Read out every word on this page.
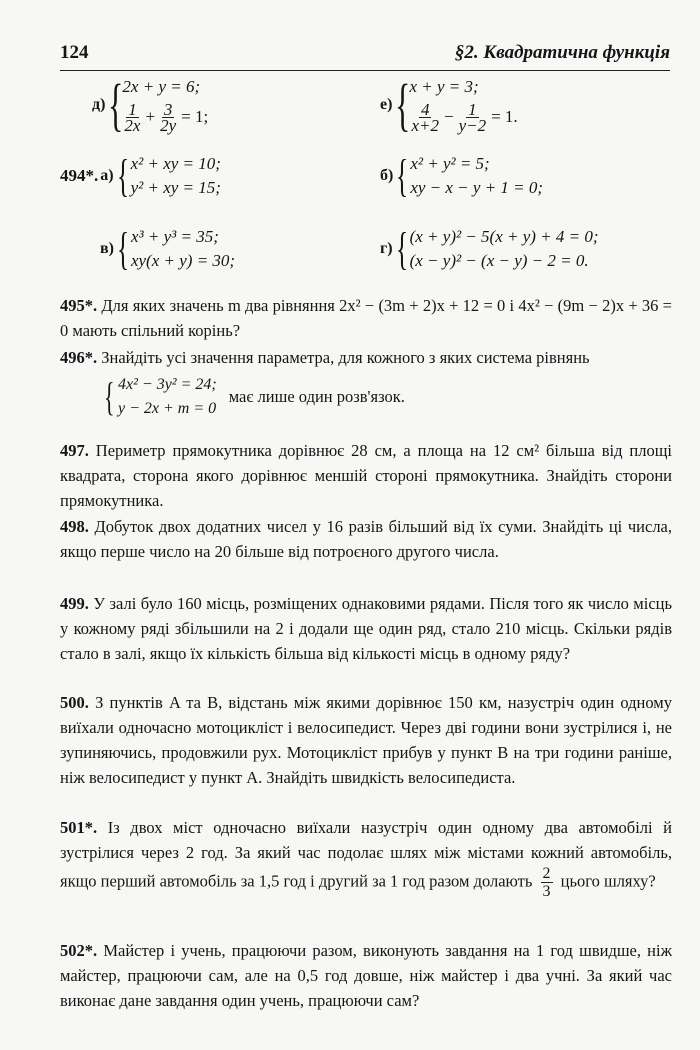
124	§2. Квадратична функція
д) {
2x + y = 6;
$\frac{1}{2x} + \frac{3}{2y} = 1$;
е) {
x + y = 3;
$\frac{4}{x+2} - \frac{1}{y-2} = 1$.
494*. а) { x² + xy = 10;
y² + xy = 15;
б) { x² + y² = 5;
xy − x − y + 1 = 0;
в) { x³ + y³ = 35;
xy(x + y) = 30;
г) { (x + y)² − 5(x + y) + 4 = 0;
(x − y)² − (x − y) − 2 = 0.
495*. Для яких значень m два рівняння 2x² − (3m + 2)x + 12 = 0 і 4x² − (9m − 2)x + 36 = 0 мають спільний корінь?
496*. Знайдіть усі значення параметра, для кожного з яких система рівнянь
{ 4x² − 3y² = 24;
y − 2x + m = 0
має лише один розв'язок.
497. Периметр прямокутника дорівнює 28 см, а площа на 12 см² більша від площі квадрата, сторона якого дорівнює меншій стороні прямокутника. Знайдіть сторони прямокутника.
498. Добуток двох додатних чисел у 16 разів більший від їх суми. Знайдіть ці числа, якщо перше число на 20 більше від потроєного другого числа.
499. У залі було 160 місць, розміщених однаковими рядами. Після того як число місць у кожному ряді збільшили на 2 і додали ще один ряд, стало 210 місць. Скільки рядів стало в залі, якщо їх кількість більша від кількості місць в одному ряду?
500. З пунктів A та B, відстань між якими дорівнює 150 км, назустріч один одному виїхали одночасно мотоцикліст і велосипедист. Через дві години вони зустрілися і, не зупиняючись, продовжили рух. Мотоцикліст прибув у пункт B на три години раніше, ніж велосипедист у пункт A. Знайдіть швидкість велосипедиста.
501*. Із двох міст одночасно виїхали назустріч один одному два автомобілі й зустрілися через 2 год. За який час подолає шлях між містами кожний автомобіль, якщо перший автомобіль за 1,5 год і другий за 1 год разом долають $\frac{2}{3}$ цього шляху?
502*. Майстер і учень, працюючи разом, виконують завдання на 1 год швидше, ніж майстер, працюючи сам, але на 0,5 год довше, ніж майстер і два учні. За який час виконає дане завдання один учень, працюючи сам?
